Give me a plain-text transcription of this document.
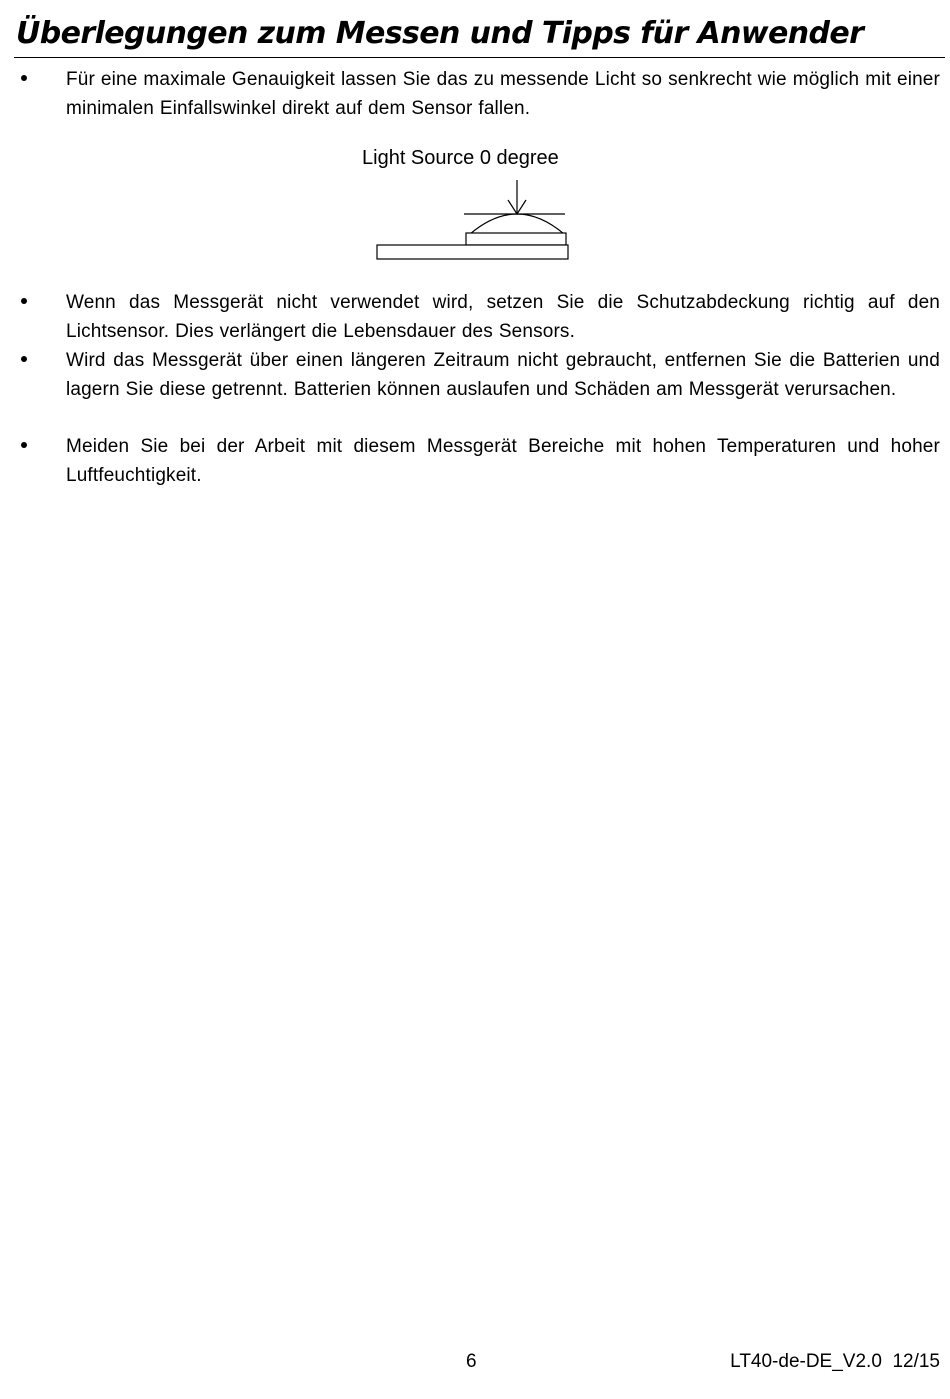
Überlegungen zum Messen und Tipps für Anwender

Für eine maximale Genauigkeit lassen Sie das zu messende Licht so senkrecht wie möglich mit einer minimalen Einfallswinkel direkt auf dem Sensor fallen.

Light Source 0 degree

Wenn das Messgerät nicht verwendet wird, setzen Sie die Schutzabdeckung richtig auf den Lichtsensor. Dies verlängert die Lebensdauer des Sensors.

Wird das Messgerät über einen längeren Zeitraum nicht gebraucht, entfernen Sie die Batterien und lagern Sie diese getrennt. Batterien können auslaufen und Schäden am Messgerät verursachen.

Meiden Sie bei der Arbeit mit diesem Messgerät Bereiche mit hohen Temperaturen und hoher Luftfeuchtigkeit.

6	LT40-de-DE_V2.0  12/15
